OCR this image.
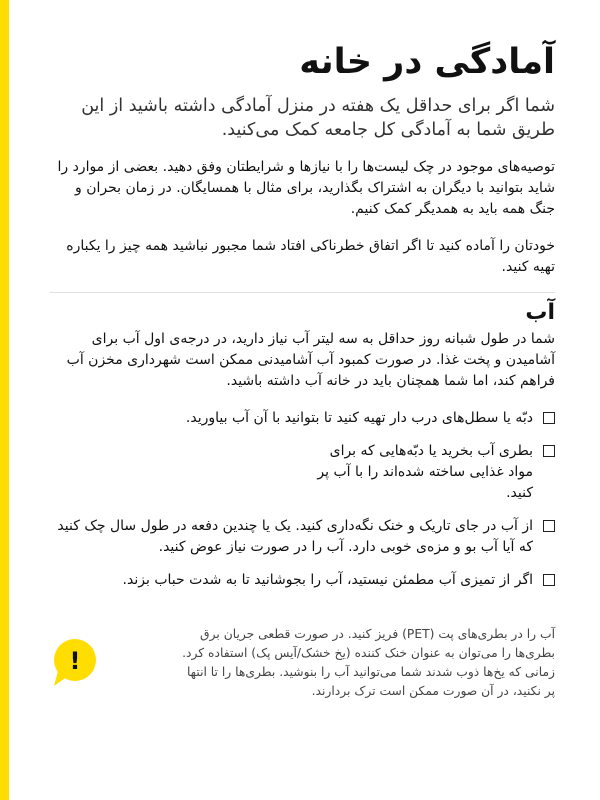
آمادگی در خانه

شما اگر برای حداقل یک هفته در منزل آمادگی داشته باشید از این طریق شما به آمادگی کل جامعه کمک می‌کنید.

توصیه‌های موجود در چک لیست‌ها را با نیازها و شرایطتان وفق دهید. بعضی از موارد را شاید بتوانید با دیگران به اشتراک بگذارید، برای مثال با همسایگان. در زمان بحران و جنگ همه باید به همدیگر کمک کنیم.

خودتان را آماده کنید تا اگر اتفاق خطرناکی افتاد شما مجبور نباشید همه چیز را یکباره تهیه کنید.

آب

شما در طول شبانه روز حداقل به سه لیتر آب نیاز دارید، در درجه‌ی اول آب برای آشامیدن و پخت غذا. در صورت کمبود آب آشامیدنی ممکن است شهرداری مخزن آب فراهم کند، اما شما همچنان باید در خانه آب داشته باشید.

دبّه یا سطل‌های درب دار تهیه کنید تا بتوانید با آن آب بیاورید.
بطری آب بخرید یا دبّه‌هایی که برای مواد غذایی ساخته شده‌اند را با آب پر کنید.
از آب در جای تاریک و خنک نگه‌داری کنید. یک یا چندین دفعه در طول سال چک کنید که آیا آب بو و مزه‌ی خوبی دارد. آب را در صورت نیاز عوض کنید.
اگر از تمیزی آب مطمئن نیستید، آب را بجوشانید تا به شدت حباب بزند.

آب را در بطری‌های پت (PET) فریز کنید. در صورت قطعی جریان برق بطری‌ها را می‌توان به عنوان خنک کننده (یخ خشک/آیس پک) استفاده کرد. زمانی که یخ‌ها ذوب شدند شما می‌توانید آب را بنوشید. بطری‌ها را تا انتها پر نکنید، در آن صورت ممکن است ترک بردارند.

!
